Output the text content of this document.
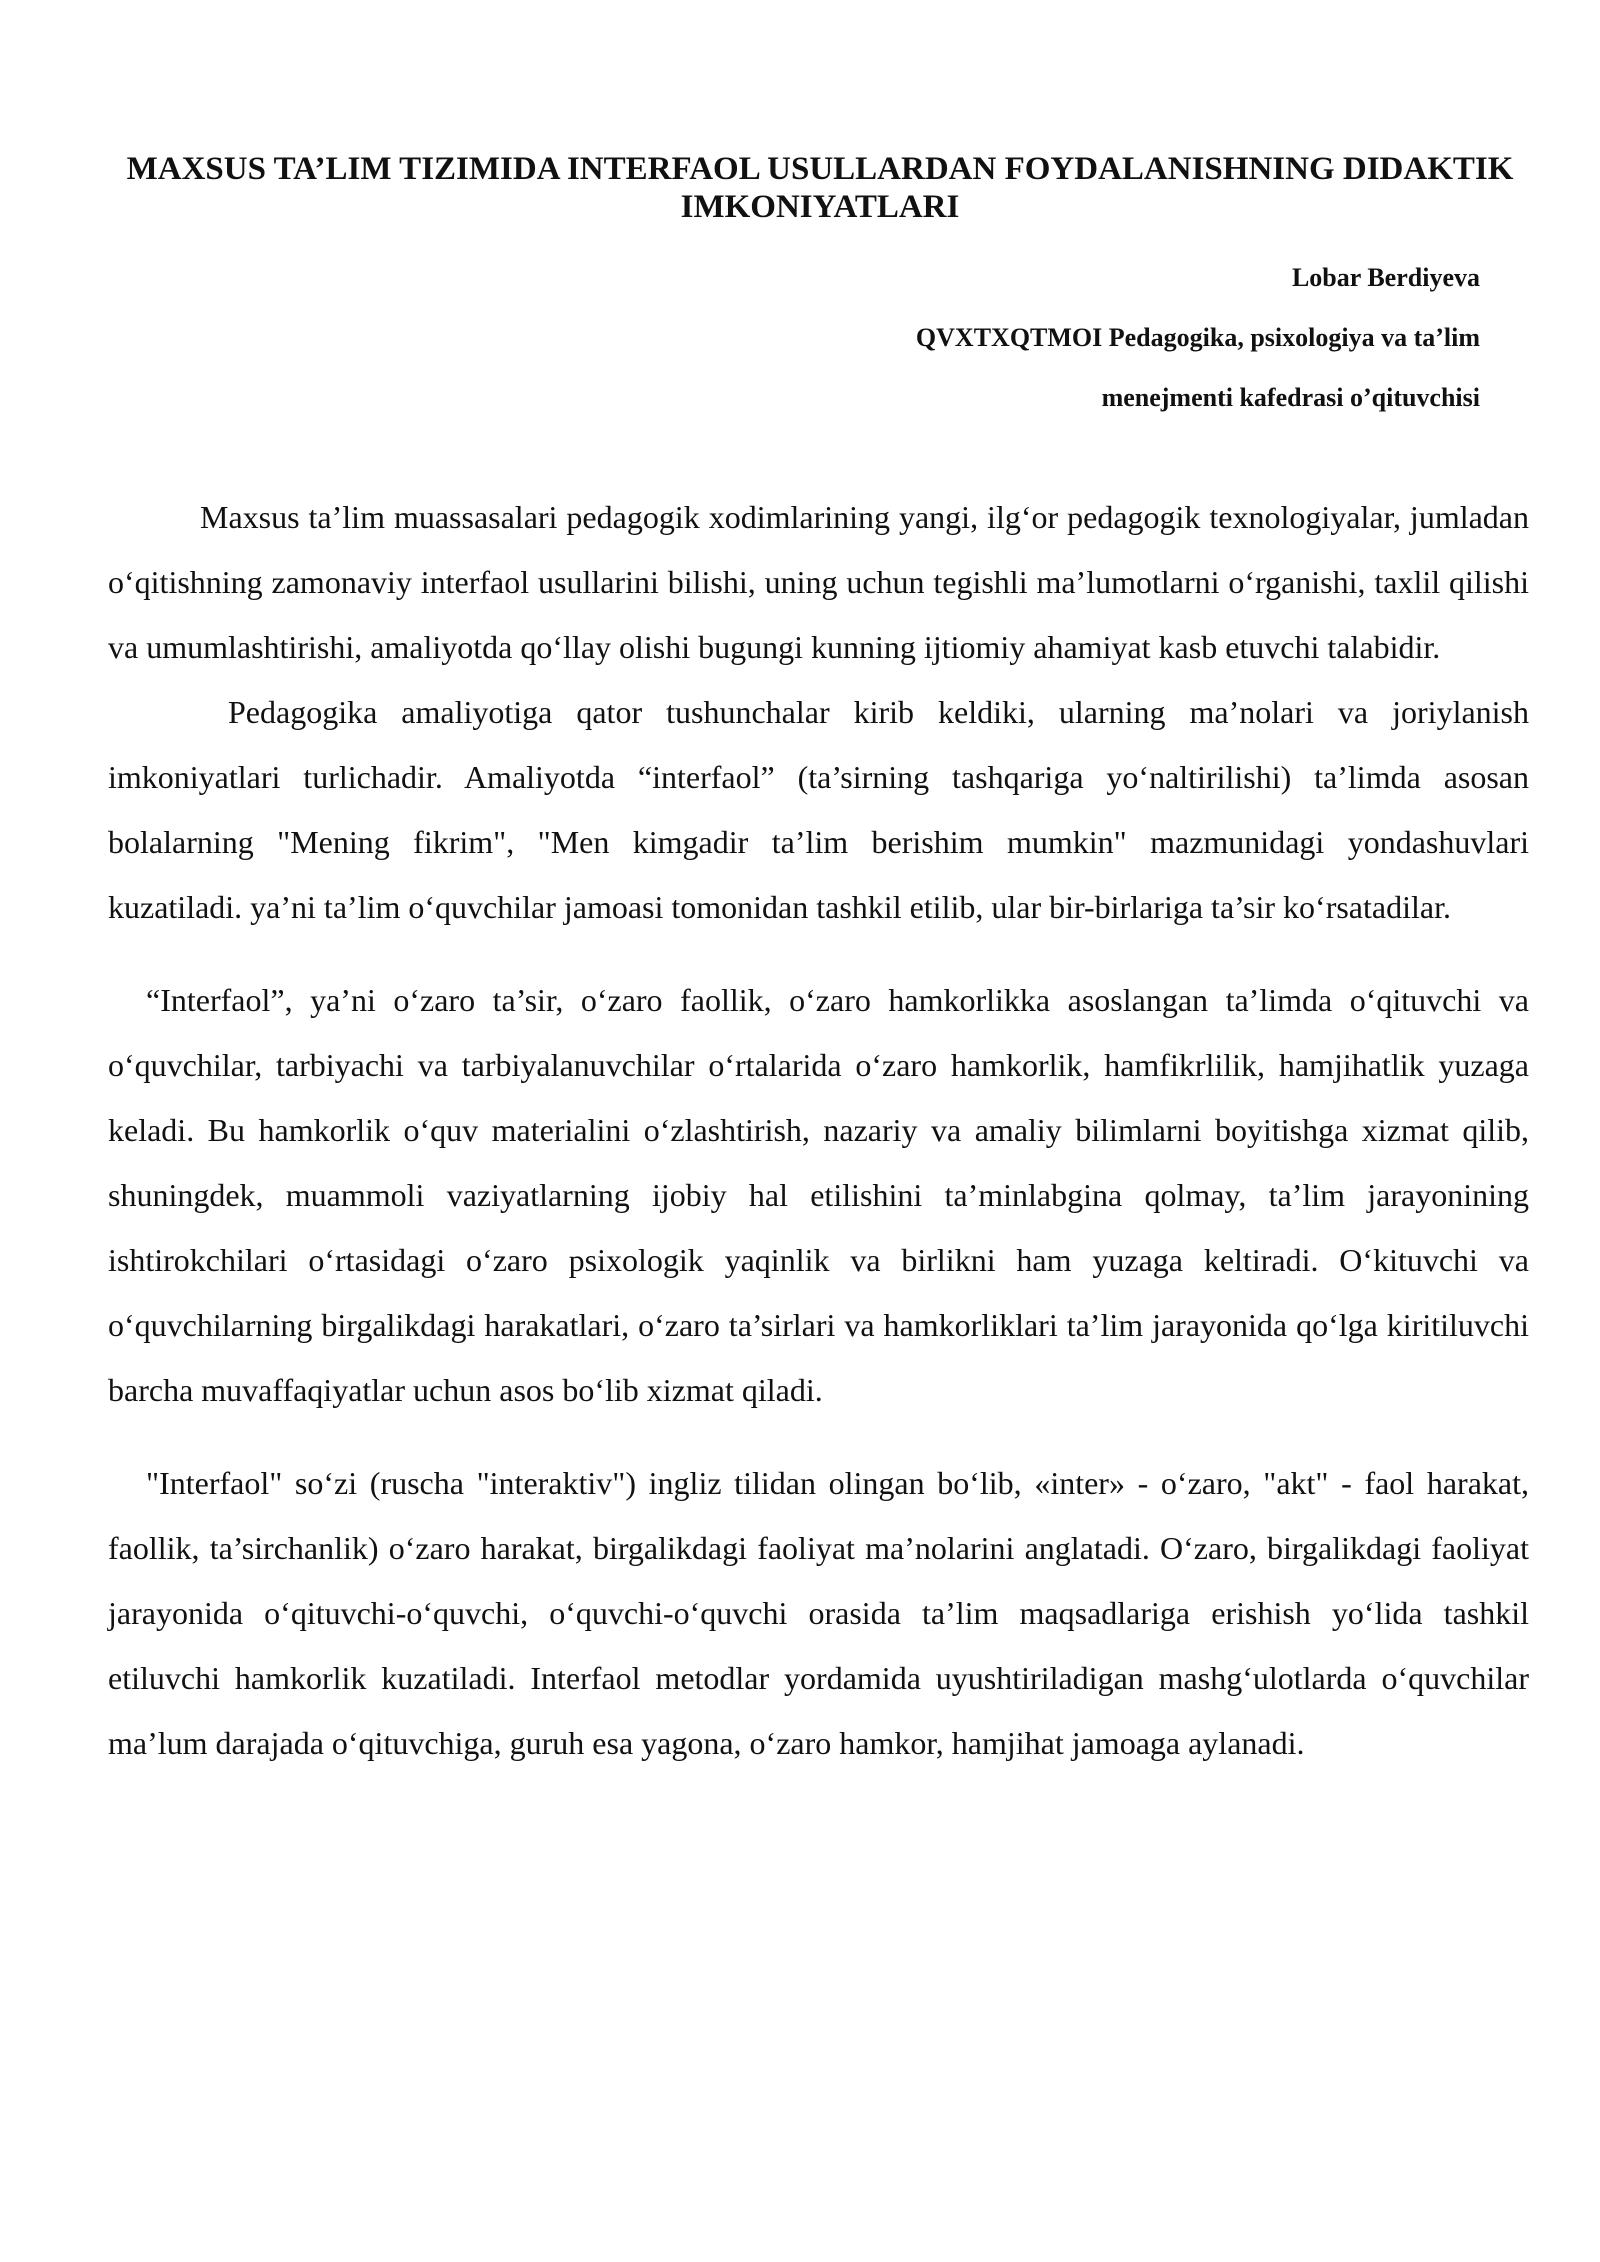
MAXSUS TA’LIM TIZIMIDA INTERFAOL USULLARDAN FOYDALANISHNING DIDAKTIK IMKONIYATLARI

Lobar Berdiyeva

QVXTXQTMOI Pedagogika, psixologiya va ta’lim

menejmenti kafedrasi o’qituvchisi

Maxsus ta’lim muassasalari pedagogik xodimlarining yangi, ilg‘or pedagogik texnologiyalar, jumladan o‘qitishning zamonaviy interfaol usullarini bilishi, uning uchun tegishli ma’lumotlarni o‘rganishi, taxlil qilishi va umumlashtirishi, amaliyotda qo‘llay olishi bugungi kunning ijtiomiy ahamiyat kasb etuvchi talabidir.

Pedagogika amaliyotiga qator tushunchalar kirib keldiki, ularning ma’nolari va joriylanish imkoniyatlari turlichadir. Amaliyotda “interfaol” (ta’sirning tashqariga yo‘naltirilishi) ta’limda asosan bolalarning "Mening fikrim", "Men kimgadir ta’lim berishim mumkin" mazmunidagi yondashuvlari kuzatiladi. ya’ni ta’lim o‘quvchilar jamoasi tomonidan tashkil etilib, ular bir-birlariga ta’sir ko‘rsatadilar.

“Interfaol”, ya’ni o‘zaro ta’sir, o‘zaro faollik, o‘zaro hamkorlikka asoslangan ta’limda o‘qituvchi va o‘quvchilar, tarbiyachi va tarbiyalanuvchilar o‘rtalarida o‘zaro hamkorlik, hamfikrlilik, hamjihatlik yuzaga keladi. Bu hamkorlik o‘quv materialini o‘zlashtirish, nazariy va amaliy bilimlarni boyitishga xizmat qilib, shuningdek, muammoli vaziyatlarning ijobiy hal etilishini ta’minlabgina qolmay, ta’lim jarayonining ishtirokchilari o‘rtasidagi o‘zaro psixologik yaqinlik va birlikni ham yuzaga keltiradi. O‘kituvchi va o‘quvchilarning birgalikdagi harakatlari, o‘zaro ta’sirlari va hamkorliklari ta’lim jarayonida qo‘lga kiritiluvchi barcha muvaffaqiyatlar uchun asos bo‘lib xizmat qiladi.

"Interfaol" so‘zi (ruscha "interaktiv") ingliz tilidan olingan bo‘lib, «inter» - o‘zaro, "akt" - faol harakat, faollik, ta’sirchanlik) o‘zaro harakat, birgalikdagi faoliyat ma’nolarini anglatadi. O‘zaro, birgalikdagi faoliyat jarayonida o‘qituvchi-o‘quvchi, o‘quvchi-o‘quvchi orasida ta’lim maqsadlariga erishish yo‘lida tashkil etiluvchi hamkorlik kuzatiladi. Interfaol metodlar yordamida uyushtiriladigan mashg‘ulotlarda o‘quvchilar ma’lum darajada o‘qituvchiga, guruh esa yagona, o‘zaro hamkor, hamjihat jamoaga aylanadi.
